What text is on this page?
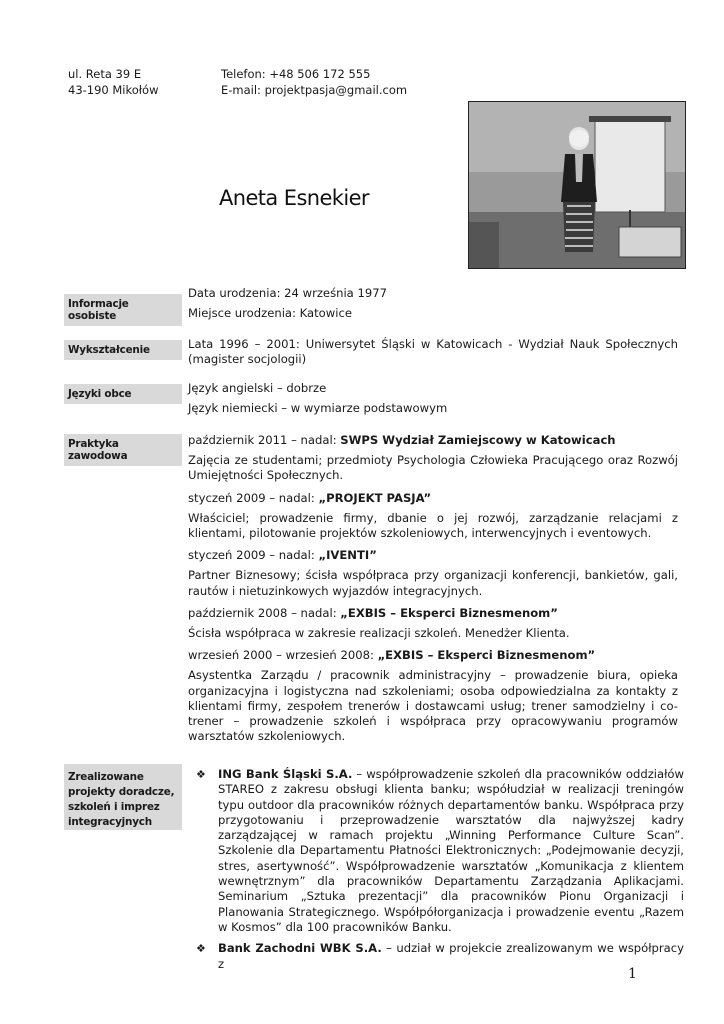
ul. Reta 39 E
43-190 Mikołów
Telefon: +48 506 172 555
E-mail: projektpasja@gmail.com
Aneta Esnekier
Informacje osobiste

Data urodzenia: 24 września 1977

Miejsce urodzenia: Katowice

Wykształcenie	Lata 1996 – 2001: Uniwersytet Śląski w Katowicach - Wydział Nauk Społecznych (magister socjologii)

Języki obce	Język angielski – dobrze

Język niemiecki – w wymiarze podstawowym

Praktyka zawodowa

październik 2011 – nadal: SWPS Wydział Zamiejscowy w Katowicach

Zajęcia ze studentami; przedmioty Psychologia Człowieka Pracującego oraz Rozwój Umiejętności Społecznych.

styczeń 2009 – nadal: „PROJEKT PASJA”

Właściciel; prowadzenie firmy, dbanie o jej rozwój, zarządzanie relacjami z klientami, pilotowanie projektów szkoleniowych, interwencyjnych i eventowych.

styczeń 2009 – nadal: „IVENTI”

Partner Biznesowy; ścisła współpraca przy organizacji konferencji, bankietów, gali, rautów i nietuzinkowych wyjazdów integracyjnych.

październik 2008 – nadal: „EXBIS – Eksperci Biznesmenom”

Ścisła współpraca w zakresie realizacji szkoleń. Menedżer Klienta.

wrzesień 2000 – wrzesień 2008: „EXBIS – Eksperci Biznesmenom”

Asystentka Zarządu / pracownik administracyjny – prowadzenie biura, opieka organizacyjna i logistyczna nad szkoleniami; osoba odpowiedzialna za kontakty z klientami firmy, zespołem trenerów i dostawcami usług; trener samodzielny i co-trener – prowadzenie szkoleń i współpraca przy opracowywaniu programów warsztatów szkoleniowych.

Zrealizowane
projekty doradcze,
szkoleń i imprez
integracyjnych
❖ ING Bank Śląski S.A. – współprowadzenie szkoleń dla pracowników oddziałów STAREO z zakresu obsługi klienta banku; współudział w realizacji treningów typu outdoor dla pracowników różnych departamentów banku. Współpraca przy przygotowaniu i przeprowadzenie warsztatów dla najwyższej kadry zarządzającej w ramach projektu „Winning Performance Culture Scan”. Szkolenie dla Departamentu Płatności Elektronicznych: „Podejmowanie decyzji, stres, asertywność”. Współprowadzenie warsztatów „Komunikacja z klientem wewnętrznym” dla pracowników Departamentu Zarządzania Aplikacjami. Seminarium „Sztuka prezentacji” dla pracowników Pionu Organizacji i Planowania Strategicznego. Współpółorganizacja i prowadzenie eventu „Razem w Kosmos” dla 100 pracowników Banku.
❖ Bank Zachodni WBK S.A. – udział w projekcie zrealizowanym we współpracy z
1
